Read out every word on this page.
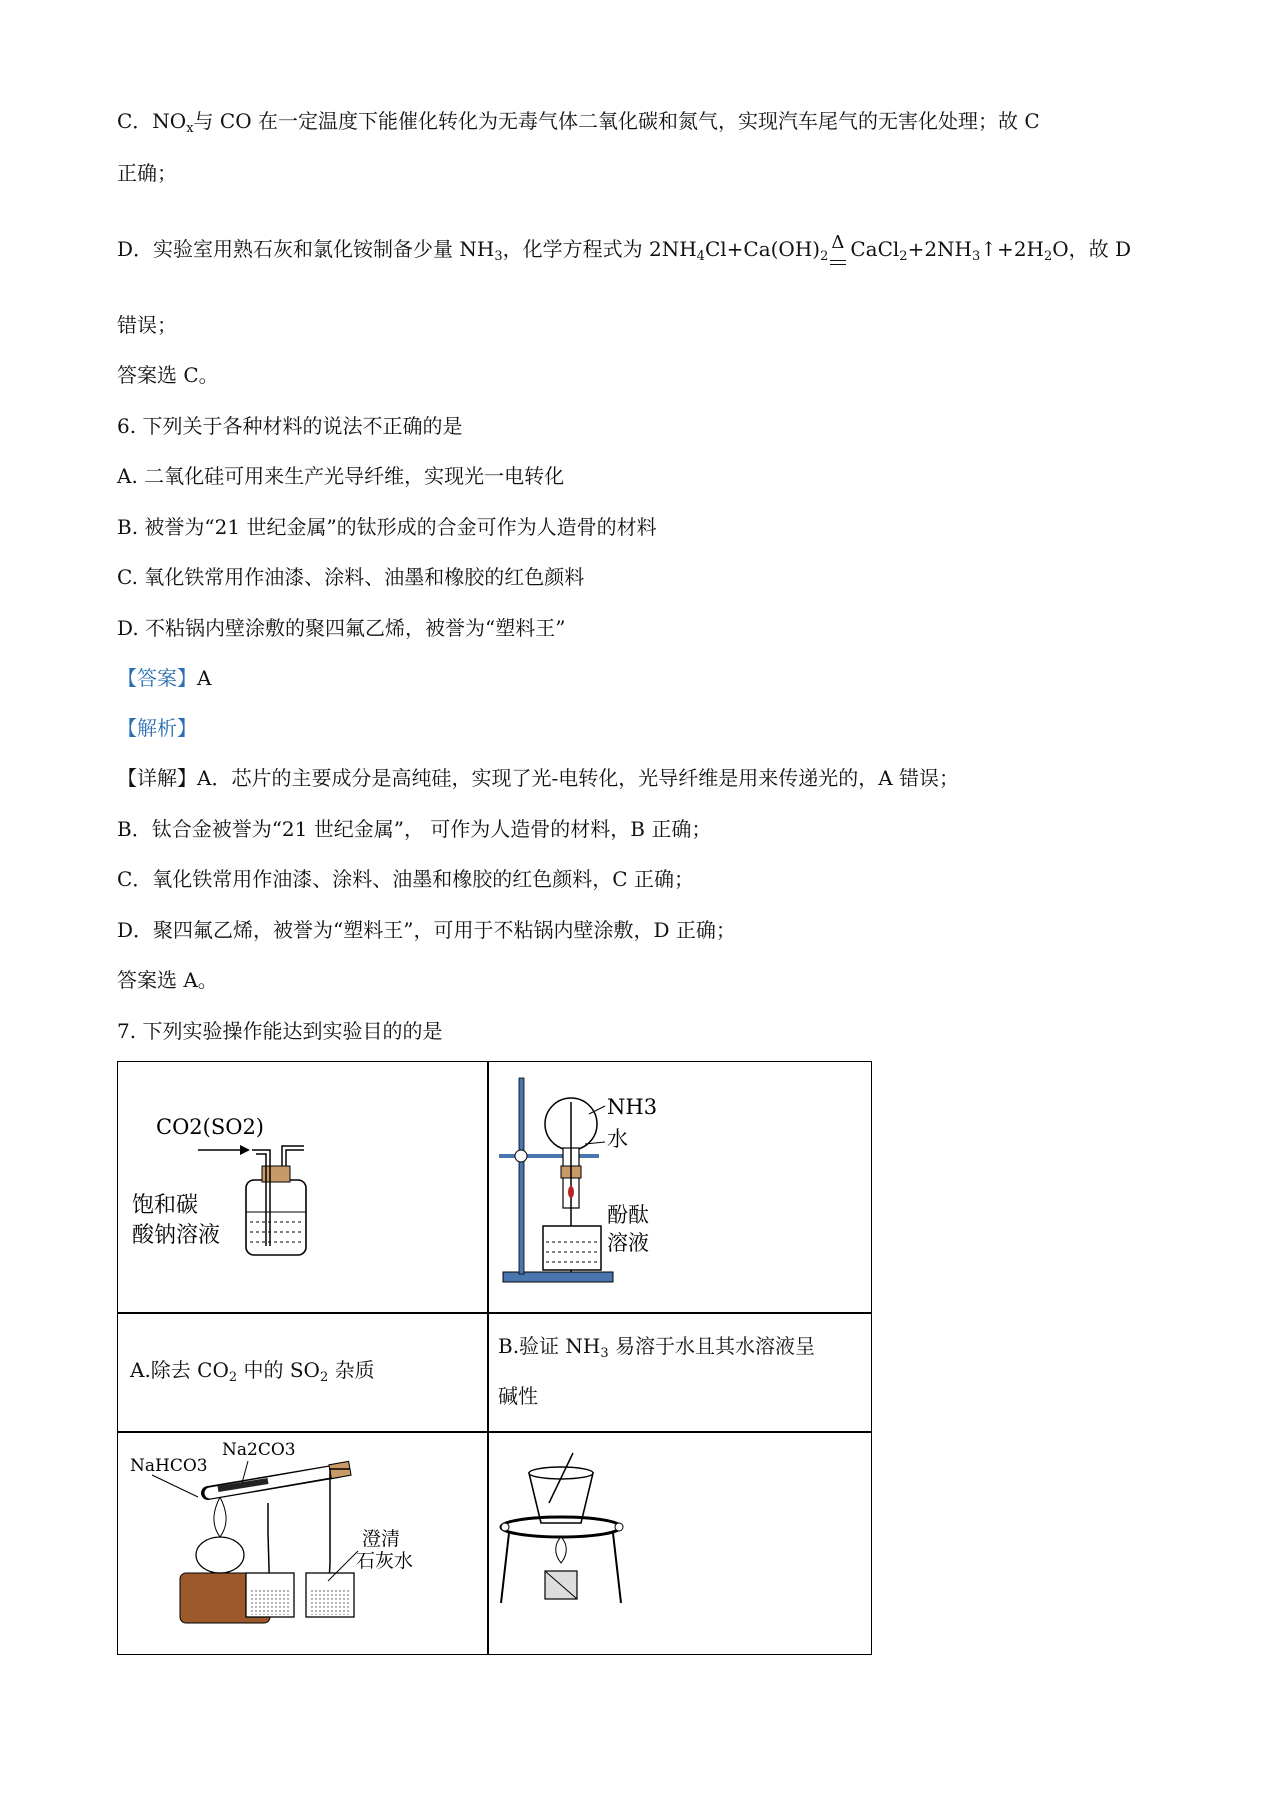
C．$NO_x$与 CO 在一定温度下能催化转化为无毒气体二氧化碳和氮气，实现汽车尾气的无害化处理；故 C
正确；
D．实验室用熟石灰和氯化铵制备少量 $NH_3$，化学方程式为 $2NH_4Cl+Ca(OH)_2$
Δ $CaCl_2+2NH_3↑+2H_2O$，故 D
错误；
答案选 C。
6. 下列关于各种材料的说法不正确的是
A. 二氧化硅可用来生产光导纤维，实现光一电转化
B. 被誉为“21 世纪金属”的钛形成的合金可作为人造骨的材料
C. 氧化铁常用作油漆、涂料、油墨和橡胶的红色颜料
D. 不粘锅内壁涂敷的聚四氟乙烯，被誉为“塑料王”
【答案】A
【解析】
【详解】A．芯片的主要成分是高纯硅，实现了光-电转化，光导纤维是用来传递光的，A 错误；
B．钛合金被誉为“21 世纪金属”， 可作为人造骨的材料，B 正确；
C．氧化铁常用作油漆、涂料、油墨和橡胶的红色颜料，C 正确；
D．聚四氟乙烯，被誉为“塑料王”，可用于不粘锅内壁涂敷，D 正确；
答案选 A。
7. 下列实验操作能达到实验目的的是
CO2(SO2)
饱和碳
酸钠溶液
NH3
水
酚酞
溶液
A.除去 $CO_2$ 中的 $SO_2$ 杂质
B.验证 $NH_3$ 易溶于水且其水溶液呈
碱性
NaHCO3
Na2CO3
澄清
石灰水
